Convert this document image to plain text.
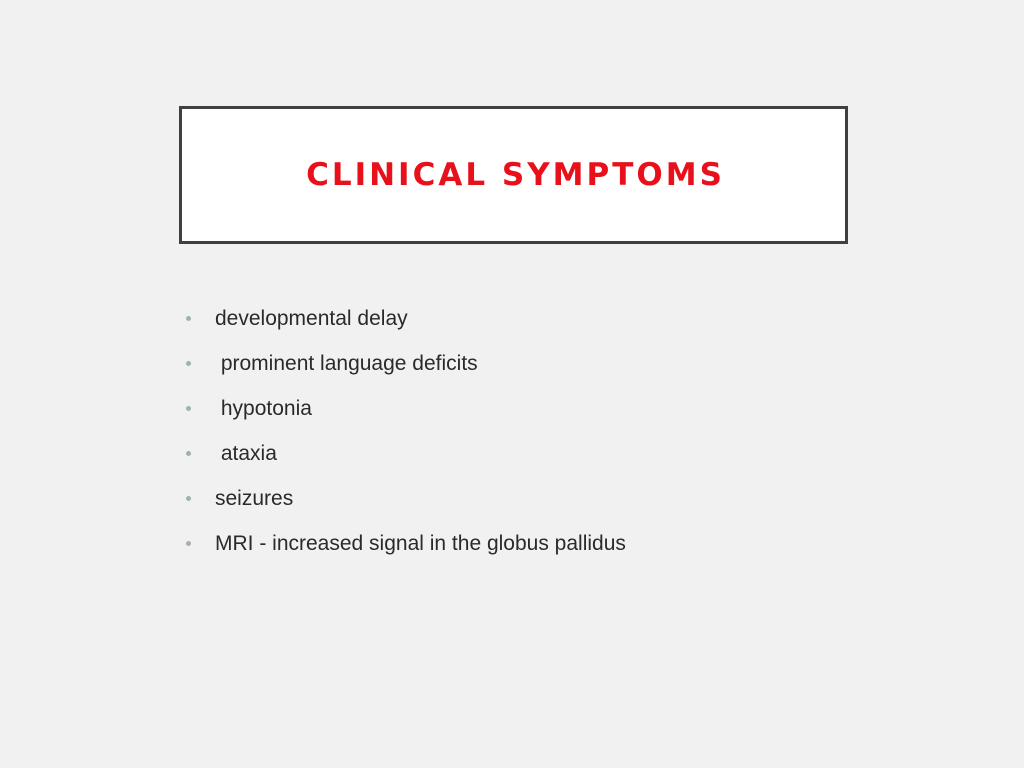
CLINICAL SYMPTOMS
developmental delay
prominent language deficits
hypotonia
ataxia
seizures
MRI - increased signal in the globus pallidus
